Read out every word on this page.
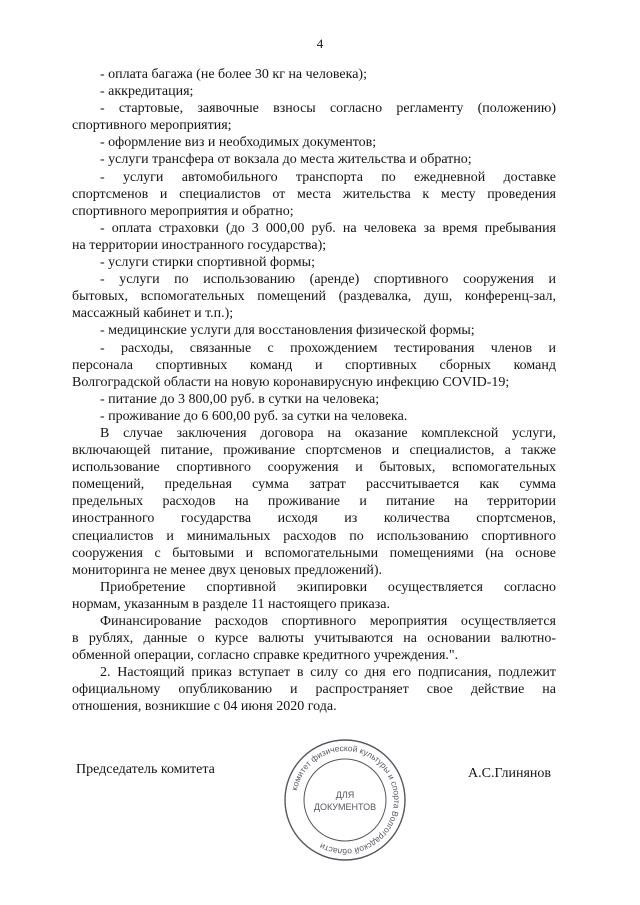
4
- оплата багажа (не более 30 кг на человека);
- аккредитация;
- стартовые, заявочные взносы согласно регламенту (положению)
спортивного мероприятия;
- оформление виз и необходимых документов;
- услуги трансфера от вокзала до места жительства и обратно;
- услуги автомобильного транспорта по ежедневной доставке
спортсменов и специалистов от места жительства к месту проведения
спортивного мероприятия и обратно;
- оплата страховки (до 3 000,00 руб. на человека за время пребывания
на территории иностранного государства);
- услуги стирки спортивной формы;
- услуги по использованию (аренде) спортивного сооружения и
бытовых, вспомогательных помещений (раздевалка, душ, конференц-зал,
массажный кабинет и т.п.);
- медицинские услуги для восстановления физической формы;
- расходы, связанные с прохождением тестирования членов и
персонала спортивных команд и спортивных сборных команд
Волгоградской области на новую коронавирусную инфекцию COVID-19;
- питание до 3 800,00 руб. в сутки на человека;
- проживание до 6 600,00 руб. за сутки на человека.
В случае заключения договора на оказание комплексной услуги,
включающей питание, проживание спортсменов и специалистов, а также
использование спортивного сооружения и бытовых, вспомогательных
помещений, предельная сумма затрат рассчитывается как сумма
предельных расходов на проживание и питание на территории
иностранного государства исходя из количества спортсменов,
специалистов и минимальных расходов по использованию спортивного
сооружения с бытовыми и вспомогательными помещениями (на основе
мониторинга не менее двух ценовых предложений).
Приобретение спортивной экипировки осуществляется согласно
нормам, указанным в разделе 11 настоящего приказа.
Финансирование расходов спортивного мероприятия осуществляется
в рублях, данные о курсе валюты учитываются на основании валютно-
обменной операции, согласно справке кредитного учреждения.".
2. Настоящий приказ вступает в силу со дня его подписания, подлежит
официальному опубликованию и распространяет свое действие на
отношения, возникшие с 04 июня 2020 года.
Председатель комитета
комитет физической культуры и спорта Волгоградской области
ДЛЯ
ДОКУМЕНТОВ
А.С.Глинянов
